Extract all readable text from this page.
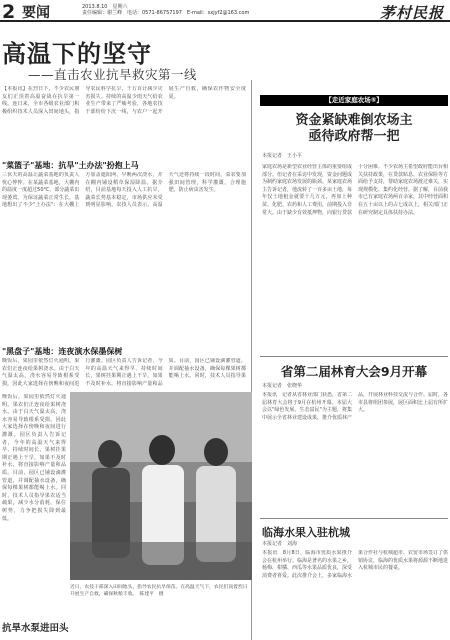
2 要闻	2013.8.10　星期六
责任编辑：谢兰峰　电话：0571-86757197　E-mail：sxjyf2@163.com	茅村民报
高温下的坚守
——直击农业抗旱救灾第一线
【本报讯】在烈日下，不少农民朋友们正顶着高温奋战在抗旱第一线。连日来，全市各级农业部门积极组织技术人员深入田间地头，指导农民科学抗旱，千方百计减少灾害损失。持续的高温少雨天气给农业生产带来了严峻考验，各地农技干部纷纷下沉一线，与农户一起开展生产自救，确保农作物安全度夏。
"菜篮子"基地：抗旱"土办法"扮抱上马
三伏天的高温让蔬菜基地的负责人忧心忡忡。在某蔬菜基地，大棚内的温度一度超过50℃，部分蔬菜出现萎蔫。为保证蔬菜正常生长，基地想出了不少"土办法"：在大棚上方加盖遮阳网，早晚两次浇水，并在棚内铺设稻草保湿降温。据介绍，目前基地每天投入人工抗旱，蔬菜长势基本稳定，市场供应未受到明显影响。农技人员表示，高温天气还将持续一段时间，菜农要加强田间管理，科学灌溉，合理施肥，防止病虫害发生。
"黑盘子"基地：连夜演水保墨保树
晚饭后，果园里依然灯火通明。果农们正连夜给果树浇水。由于白天气温太高，浇水容易导致根系受损，因此大家选择在傍晚和夜间进行灌溉。园区负责人告诉记者，今年的高温天气来得早、持续时间长，果树挂果期正遇上干旱，如果不及时补水，将直接影响产量和品质。目前，园区已铺设滴灌管道，并调配抽水设备，确保每棵果树都能喝上水。同时，技术人员指导果
晚饭后，果园里依然灯火通明。果农们正连夜给果树浇水。由于白天气温太高，浇水容易导致根系受损，因此大家选择在傍晚和夜间进行灌溉。园区负责人告诉记者，今年的高温天气来得早、持续时间长，果树挂果期正遇上干旱，如果不及时补水，将直接影响产量和品质。目前，园区已铺设滴灌管道，并调配抽水设备，确保每棵果树都能喝上水。同时，技术人员指导果农适当疏果，减少水分消耗，保住树势，力争把损失降到最低。
近日，农技干部深入田间地头，指导农民抗旱保苗。在高温天气下，农民们顶着烈日开展生产自救，确保秋粮丰收。　陈建平　摄
抗旱水泵进田头
【走近家庭农场⑤】
资金紧缺难倒农场主
亟待政府帮一把
本报记者　王小平
家庭农场是新型农业经营主体的重要组成部分。但记者在采访中发现，资金问题成为制约家庭农场发展的瓶颈。某家庭农场主告诉记者，他流转了一百多亩土地，每年仅土地租金就要十几万元，再加上种苗、化肥、农药和人工费用，前期投入非常大。由于缺少有效抵押物，向银行贷款十分困难。不少农场主希望政府能出台相关扶持政策，在贷款贴息、农业保险等方面给予支持，帮助家庭农场渡过难关，实现规模化、集约化经营。据了解，目前我市已有家庭农场两百余家，其中经营面积在五十亩以上的占七成以上，相关部门正在研究制定具体扶持办法。
省第二届林育大会9月开幕
本报记者　张晓华
本报讯　记者从省林业部门获悉，省第二届林育大会将于9月在杭州开幕。本届大会以"绿色发展、生态富民"为主题，将集中展示全省林业建设成果，推介优质林产品，开展林业科技交流与合作。届时，各市县将组团参展，展区面积比上届有所扩大。
临海水果入驻杭城
本报记者　刘海
本报讯　8月8日，临海市优质水果推介会在杭州举行。临海是著名的水果之乡，杨梅、柑橘、西瓜等水果品质优良，深受消费者喜爱。此次推介会上，多家临海水果合作社与杭城超市、农贸市场签订了供销协议，临海的优质水果将源源不断地进入杭城市民的餐桌。
